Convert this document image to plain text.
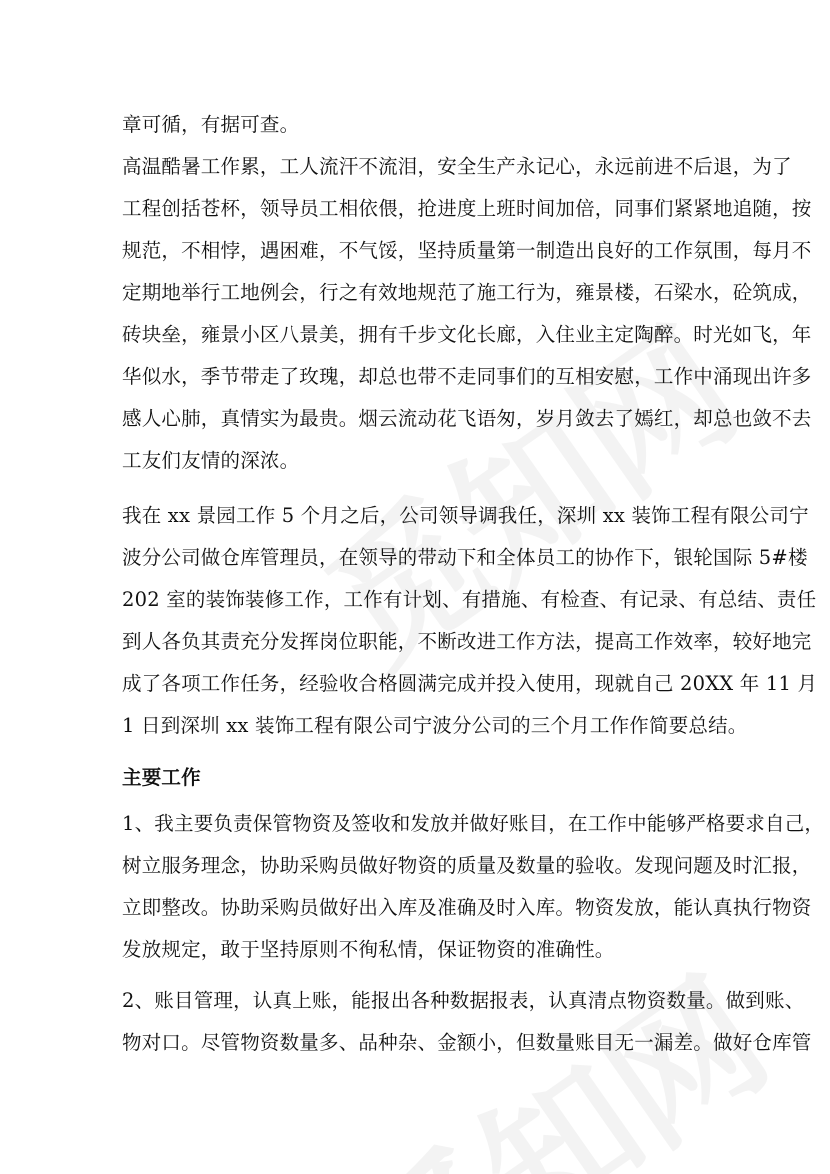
章可循，有据可查。
高温酷暑工作累，工人流汗不流泪，安全生产永记心，永远前进不后退，为了
工程创括苍杯，领导员工相依偎，抢进度上班时间加倍，同事们紧紧地追随，按
规范，不相悖，遇困难，不气馁，坚持质量第一制造出良好的工作氛围，每月不
定期地举行工地例会，行之有效地规范了施工行为，雍景楼，石梁水，砼筑成，
砖块垒，雍景小区八景美，拥有千步文化长廊，入住业主定陶醉。时光如飞，年
华似水，季节带走了玫瑰，却总也带不走同事们的互相安慰，工作中涌现出许多
感人心肺，真情实为最贵。烟云流动花飞语匆，岁月敛去了嫣红，却总也敛不去
工友们友情的深浓。
我在 xx 景园工作 5 个月之后，公司领导调我任，深圳 xx 装饰工程有限公司宁
波分公司做仓库管理员，在领导的带动下和全体员工的协作下，银轮国际 5#楼
202 室的装饰装修工作，工作有计划、有措施、有检查、有记录、有总结、责任
到人各负其责充分发挥岗位职能，不断改进工作方法，提高工作效率，较好地完
成了各项工作任务，经验收合格圆满完成并投入使用，现就自己 20XX 年 11 月
1 日到深圳 xx 装饰工程有限公司宁波分公司的三个月工作作简要总结。
主要工作
1、我主要负责保管物资及签收和发放并做好账目，在工作中能够严格要求自己，
树立服务理念，协助采购员做好物资的质量及数量的验收。发现问题及时汇报，
立即整改。协助采购员做好出入库及准确及时入库。物资发放，能认真执行物资
发放规定，敢于坚持原则不徇私情，保证物资的准确性。
2、账目管理，认真上账，能报出各种数据报表，认真清点物资数量。做到账、
物对口。尽管物资数量多、品种杂、金额小，但数量账目无一漏差。做好仓库管
